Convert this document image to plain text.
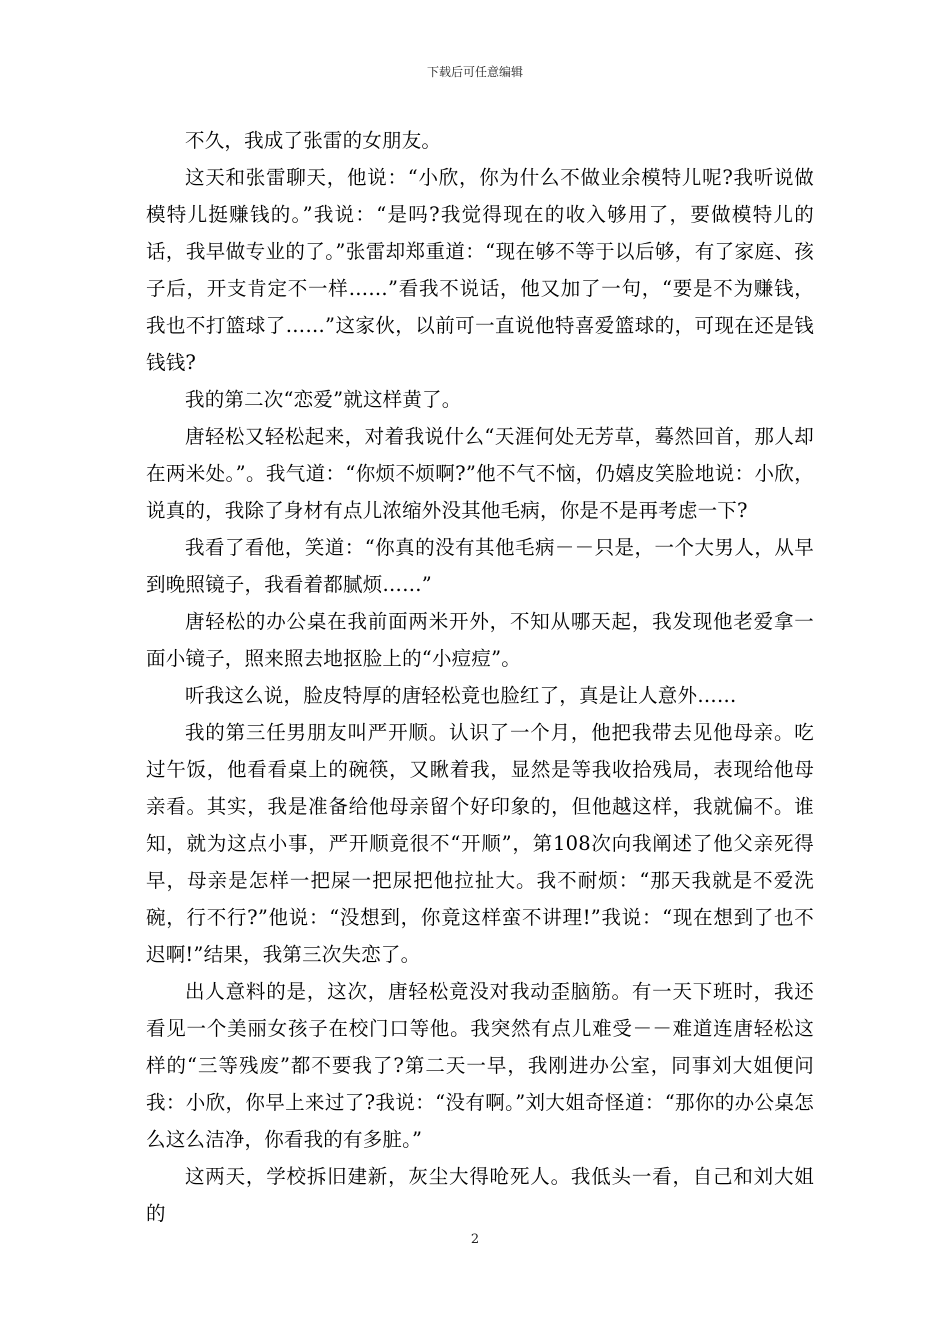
下载后可任意编辑

不久，我成了张雷的女朋友。

这天和张雷聊天，他说：“小欣，你为什么不做业余模特儿呢?我听说做模特儿挺赚钱的。”我说：“是吗?我觉得现在的收入够用了，要做模特儿的话，我早做专业的了。”张雷却郑重道：“现在够不等于以后够，有了家庭、孩子后，开支肯定不一样……”看我不说话，他又加了一句，“要是不为赚钱，我也不打篮球了……”这家伙，以前可一直说他特喜爱篮球的，可现在还是钱钱钱?

我的第二次“恋爱”就这样黄了。

唐轻松又轻松起来，对着我说什么“天涯何处无芳草，蓦然回首，那人却在两米处。”。我气道：“你烦不烦啊?”他不气不恼，仍嬉皮笑脸地说：小欣，说真的，我除了身材有点儿浓缩外没其他毛病，你是不是再考虑一下?

我看了看他，笑道：“你真的没有其他毛病－－只是，一个大男人，从早到晚照镜子，我看着都腻烦……”

唐轻松的办公桌在我前面两米开外，不知从哪天起，我发现他老爱拿一面小镜子，照来照去地抠脸上的“小痘痘”。

听我这么说，脸皮特厚的唐轻松竟也脸红了，真是让人意外……

我的第三任男朋友叫严开顺。认识了一个月，他把我带去见他母亲。吃过午饭，他看看桌上的碗筷，又瞅着我，显然是等我收拾残局，表现给他母亲看。其实，我是准备给他母亲留个好印象的，但他越这样，我就偏不。谁知，就为这点小事，严开顺竟很不“开顺”，第108次向我阐述了他父亲死得早，母亲是怎样一把屎一把尿把他拉扯大。我不耐烦：“那天我就是不爱洗碗，行不行?”他说：“没想到，你竟这样蛮不讲理!”我说：“现在想到了也不迟啊!”结果，我第三次失恋了。

出人意料的是，这次，唐轻松竟没对我动歪脑筋。有一天下班时，我还看见一个美丽女孩子在校门口等他。我突然有点儿难受－－难道连唐轻松这样的“三等残废”都不要我了?第二天一早，我刚进办公室，同事刘大姐便问我：小欣，你早上来过了?我说：“没有啊。”刘大姐奇怪道：“那你的办公桌怎么这么洁净，你看我的有多脏。”

这两天，学校拆旧建新，灰尘大得呛死人。我低头一看，自己和刘大姐的

2
